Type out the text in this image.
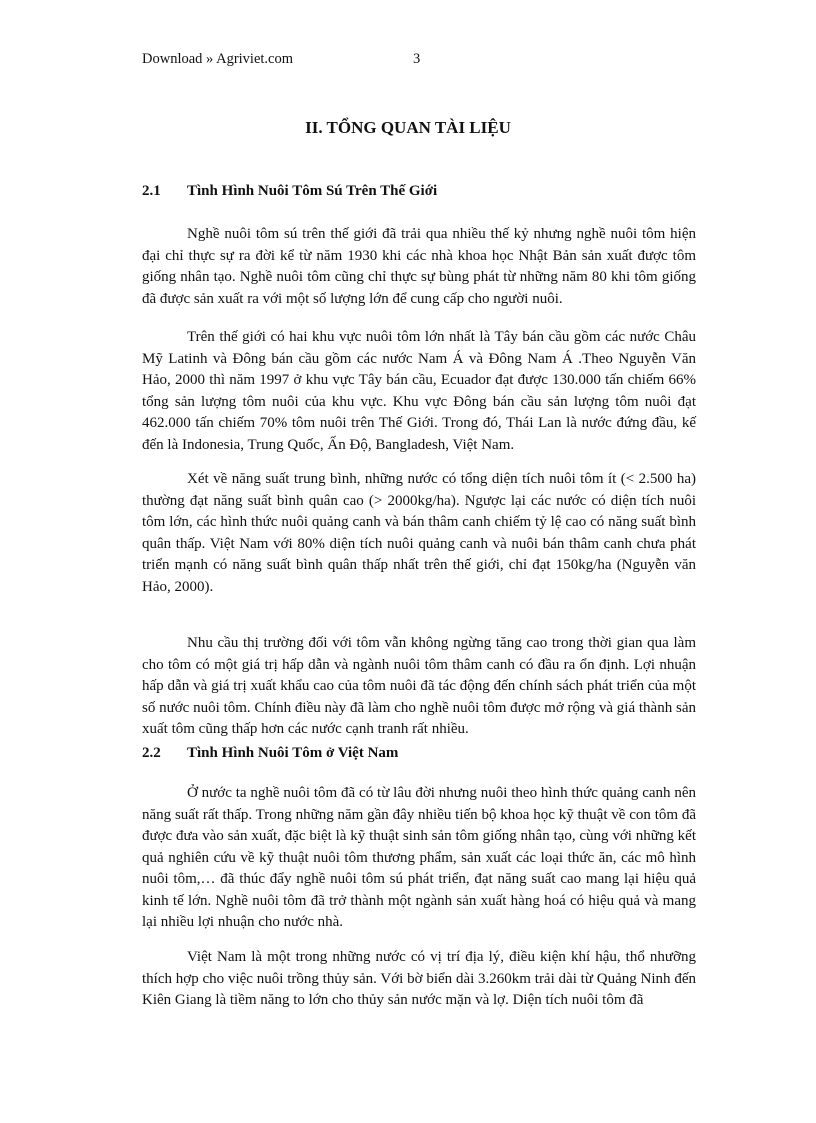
Download » Agriviet.com	3
II. TỔNG QUAN TÀI LIỆU
2.1 Tình Hình Nuôi Tôm Sú Trên Thế Giới

Nghề nuôi tôm sú trên thế giới đã trải qua nhiều thế kỷ nhưng nghề nuôi tôm hiện đại chỉ thực sự ra đời kể từ năm 1930 khi các nhà khoa học Nhật Bản sản xuất được tôm giống nhân tạo. Nghề nuôi tôm cũng chỉ thực sự bùng phát từ những năm 80 khi tôm giống đã được sản xuất ra với một số lượng lớn để cung cấp cho người nuôi.

Trên thế giới có hai khu vực nuôi tôm lớn nhất là Tây bán cầu gồm các nước Châu Mỹ Latinh và Đông bán cầu gồm các nước Nam Á và Đông Nam Á .Theo Nguyễn Văn Hảo, 2000 thì năm 1997 ở khu vực Tây bán cầu, Ecuador đạt được 130.000 tấn chiếm 66% tổng sản lượng tôm nuôi của khu vực. Khu vực Đông bán cầu sản lượng tôm nuôi đạt 462.000 tấn chiếm 70% tôm nuôi trên Thế Giới. Trong đó, Thái Lan là nước đứng đầu, kế đến là Indonesia, Trung Quốc, Ấn Độ, Bangladesh, Việt Nam.

Xét về năng suất trung bình, những nước có tổng diện tích nuôi tôm ít (< 2.500 ha) thường đạt năng suất bình quân cao (> 2000kg/ha). Ngược lại các nước có diện tích nuôi tôm lớn, các hình thức nuôi quảng canh và bán thâm canh chiếm tỷ lệ cao có năng suất bình quân thấp. Việt Nam với 80% diện tích nuôi quảng canh và nuôi bán thâm canh chưa phát triển mạnh có năng suất bình quân thấp nhất trên thế giới, chỉ đạt 150kg/ha (Nguyễn văn Hảo, 2000).

Nhu cầu thị trường đối với tôm vẫn không ngừng tăng cao trong thời gian qua làm cho tôm có một giá trị hấp dẫn và ngành nuôi tôm thâm canh có đầu ra ổn định. Lợi nhuận hấp dẫn và giá trị xuất khẩu cao của tôm nuôi đã tác động đến chính sách phát triển của một số nước nuôi tôm. Chính điều này đã làm cho nghề nuôi tôm được mở rộng và giá thành sản xuất tôm cũng thấp hơn các nước cạnh tranh rất nhiều.

2.2 Tình Hình Nuôi Tôm ở Việt Nam

Ở nước ta nghề nuôi tôm đã có từ lâu đời nhưng nuôi theo hình thức quảng canh nên năng suất rất thấp. Trong những năm gần đây nhiều tiến bộ khoa học kỹ thuật về con tôm đã được đưa vào sản xuất, đặc biệt là kỹ thuật sinh sản tôm giống nhân tạo, cùng với những kết quả nghiên cứu về kỹ thuật nuôi tôm thương phẩm, sản xuất các loại thức ăn, các mô hình nuôi tôm,… đã thúc đẩy nghề nuôi tôm sú phát triển, đạt năng suất cao mang lại hiệu quả kinh tế lớn. Nghề nuôi tôm đã trở thành một ngành sản xuất hàng hoá có hiệu quả và mang lại nhiều lợi nhuận cho nước nhà.

Việt Nam là một trong những nước có vị trí địa lý, điều kiện khí hậu, thổ nhưỡng thích hợp cho việc nuôi trồng thủy sản. Với bờ biển dài 3.260km trải dài từ Quảng Ninh đến Kiên Giang là tiềm năng to lớn cho thủy sản nước mặn và lợ. Diện tích nuôi tôm đã
